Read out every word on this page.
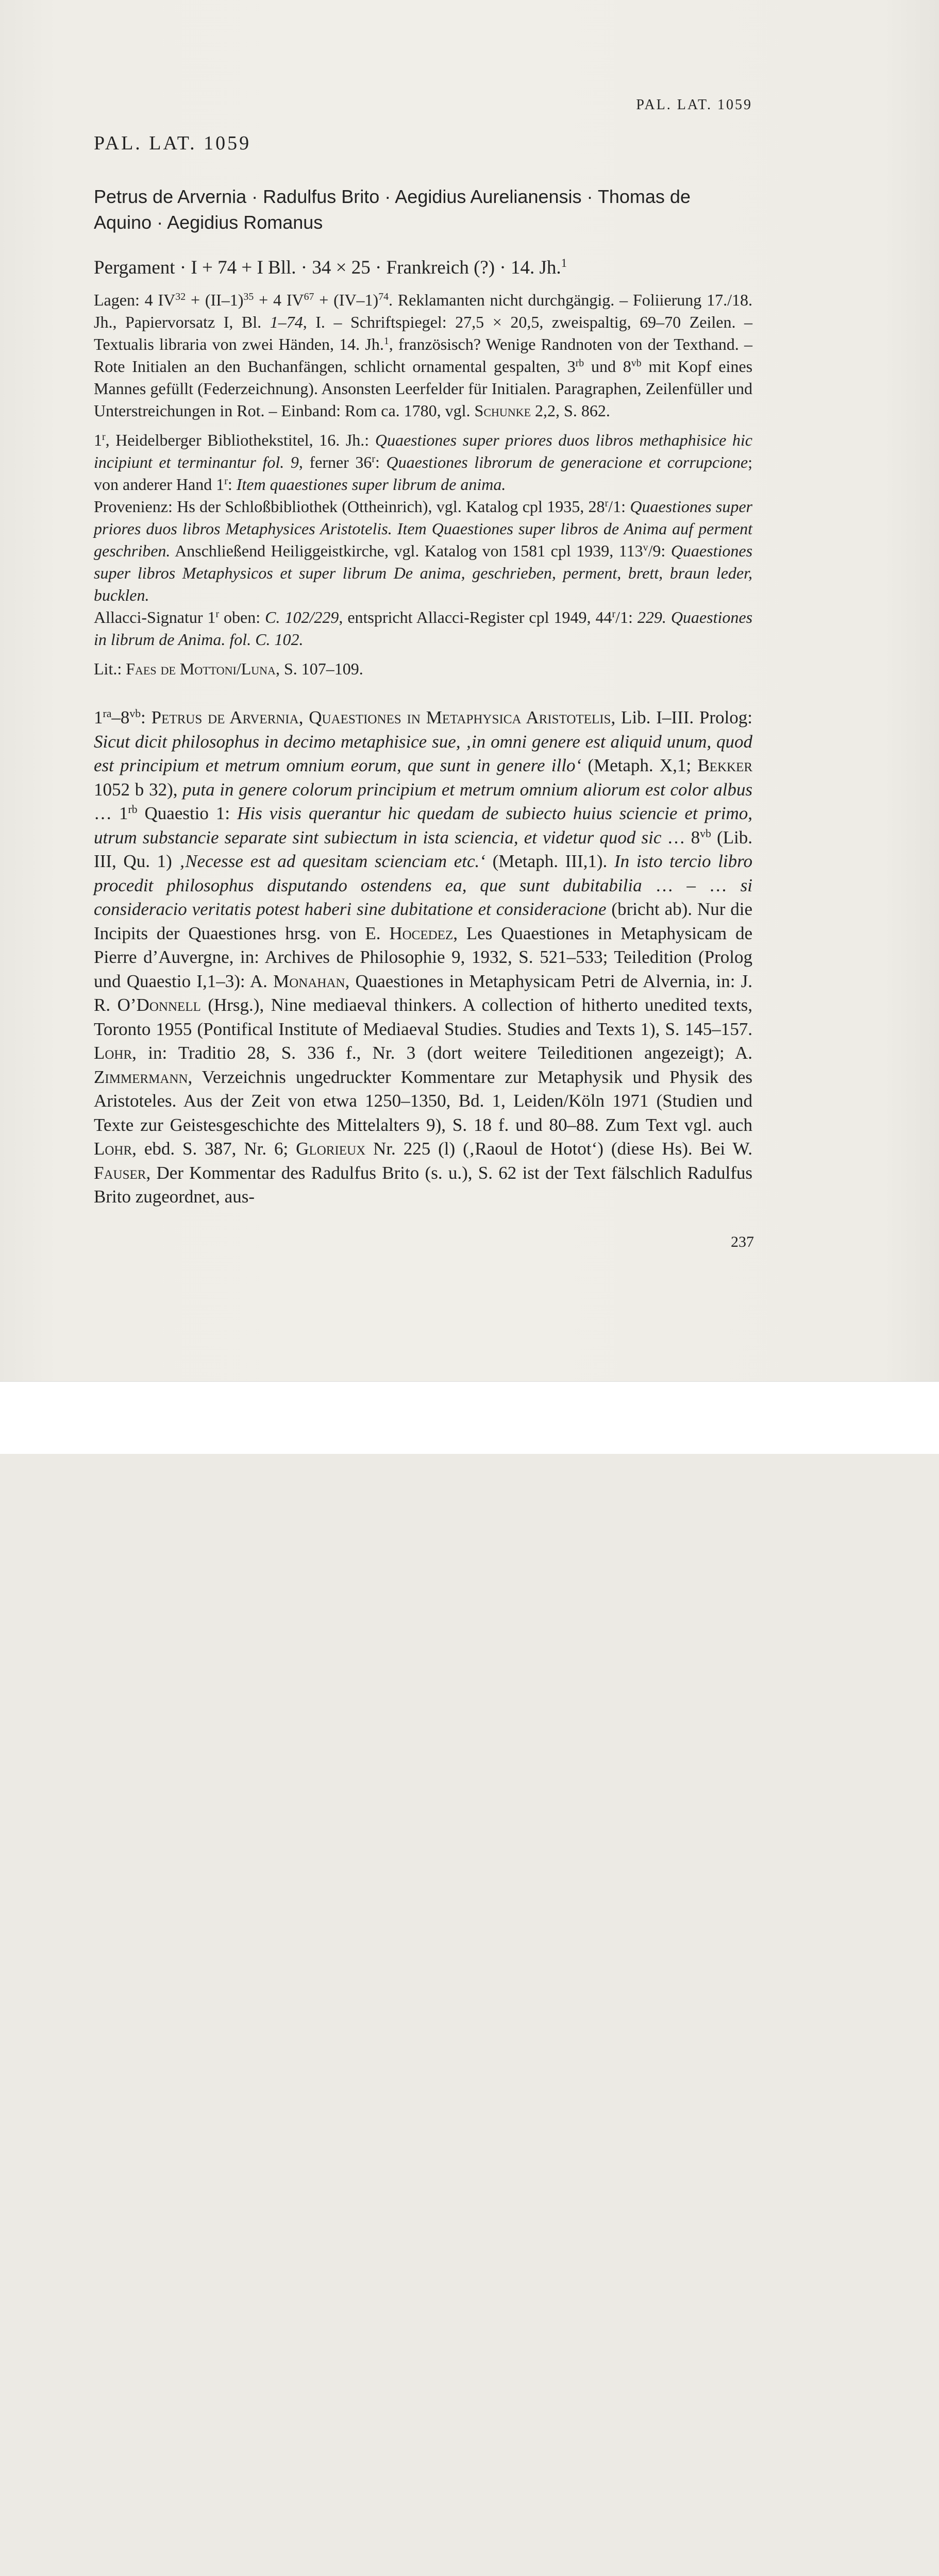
PAL. LAT. 1059
PAL. LAT. 1059
Petrus de Arvernia · Radulfus Brito · Aegidius Aurelianensis · Thomas de Aquino · Aegidius Romanus
Pergament · I + 74 + I Bll. · 34 × 25 · Frankreich (?) · 14. Jh.$^1$
Lagen: 4 $IV^{32} + (II-1)^{35} + 4$ $IV^{67} + (IV-1)^{74}$. Reklamanten nicht durchgängig. – Foliierung 17./18. Jh., Papiervorsatz I, Bl. 1–74, I. – Schriftspiegel: 27,5 × 20,5, zweispaltig, 69–70 Zeilen. – Textualis libraria von zwei Händen, 14. Jh.$^1$, französisch? Wenige Randnoten von der Texthand. – Rote Initialen an den Buchanfängen, schlicht ornamental gespalten, $3^{rb}$ und $8^{vb}$ mit Kopf eines Mannes gefüllt (Federzeichnung). Ansonsten Leerfelder für Initialen. Paragraphen, Zeilenfüller und Unterstreichungen in Rot. – Einband: Rom ca. 1780, vgl. Schunke 2,2, S. 862.
1$^r$, Heidelberger Bibliothekstitel, 16. Jh.: Quaestiones super priores duos libros methaphisice hic incipiunt et terminantur fol. 9, ferner 36$^r$: Quaestiones librorum de generacione et corrupcione; von anderer Hand 1$^r$: Item quaestiones super librum de anima.
Provenienz: Hs der Schloßbibliothek (Ottheinrich), vgl. Katalog cpl 1935, 28$^r$/1: Quaestiones super priores duos libros Metaphysices Aristotelis. Item Quaestiones super libros de Anima auf perment geschriben. Anschließend Heiliggeistkirche, vgl. Katalog von 1581 cpl 1939, 113$^v$/9: Quaestiones super libros Metaphysicos et super librum De anima, geschrieben, perment, brett, braun leder, bucklen.
Allacci-Signatur 1$^r$ oben: C. 102/229, entspricht Allacci-Register cpl 1949, 44$^r$/1: 229. Quaestiones in librum de Anima. fol. C. 102.
Lit.: Faes de Mottoni/Luna, S. 107–109.
$1^{ra}-8^{vb}$: Petrus de Arvernia, Quaestiones in Metaphysica Aristotelis, Lib. I–III. Prolog: Sicut dicit philosophus in decimo metaphisice sue, ‚in omni genere est aliquid unum, quod est principium et metrum omnium eorum, que sunt in genere illo‘ (Metaph. X,1; Bekker 1052 b 32), puta in genere colorum principium et metrum omnium aliorum est color albus … $1^{rb}$ Quaestio 1: His visis querantur hic quedam de subiecto huius sciencie et primo, utrum substancie separate sint subiectum in ista sciencia, et videtur quod sic … $8^{vb}$ (Lib. III, Qu. 1) ‚Necesse est ad quesitam scienciam etc.‘ (Metaph. III,1). In isto tercio libro procedit philosophus disputando ostendens ea, que sunt dubitabilia … – … si consideracio veritatis potest haberi sine dubitatione et consideracione (bricht ab). Nur die Incipits der Quaestiones hrsg. von E. Hocedez, Les Quaestiones in Metaphysicam de Pierre d’Auvergne, in: Archives de Philosophie 9, 1932, S. 521–533; Teiledition (Prolog und Quaestio I,1–3): A. Monahan, Quaestiones in Metaphysicam Petri de Alvernia, in: J. R. O’Donnell (Hrsg.), Nine mediaeval thinkers. A collection of hitherto unedited texts, Toronto 1955 (Pontifical Institute of Mediaeval Studies. Studies and Texts 1), S. 145–157. Lohr, in: Traditio 28, S. 336 f., Nr. 3 (dort weitere Teileditionen angezeigt); A. Zimmermann, Verzeichnis ungedruckter Kommentare zur Metaphysik und Physik des Aristoteles. Aus der Zeit von etwa 1250–1350, Bd. 1, Leiden/Köln 1971 (Studien und Texte zur Geistesgeschichte des Mittelalters 9), S. 18 f. und 80–88. Zum Text vgl. auch Lohr, ebd. S. 387, Nr. 6; Glorieux Nr. 225 (l) (‚Raoul de Hotot‘) (diese Hs). Bei W. Fauser, Der Kommentar des Radulfus Brito (s. u.), S. 62 ist der Text fälschlich Radulfus Brito zugeordnet, aus-
237
